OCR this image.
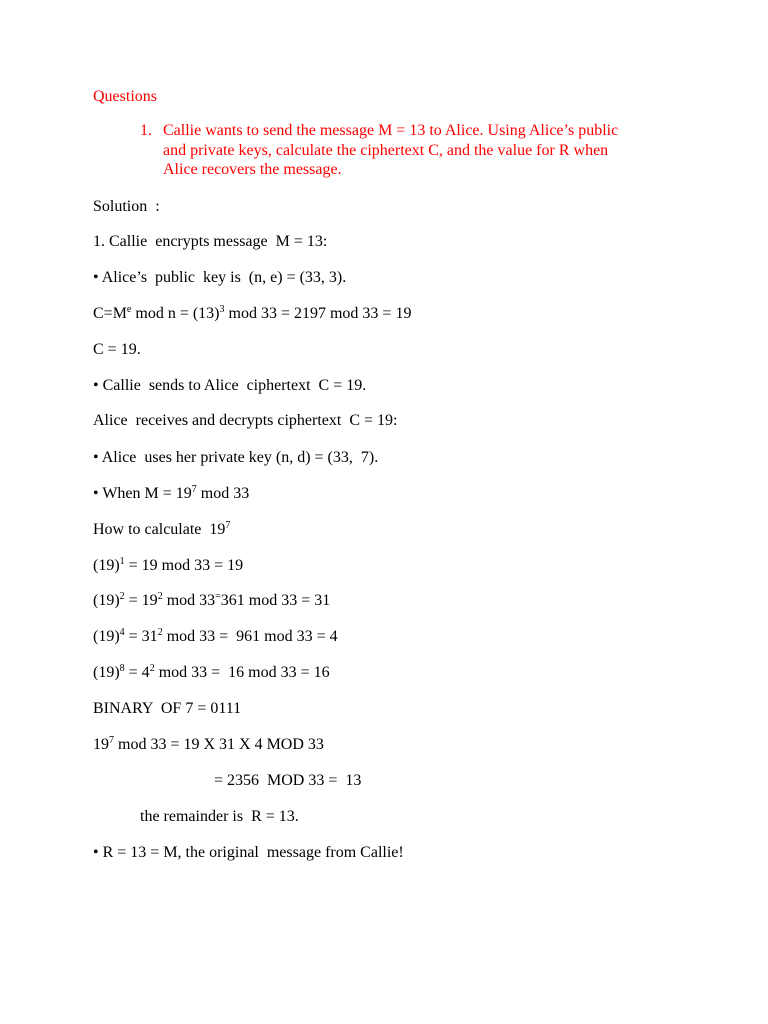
Questions
1. Callie wants to send the message M = 13 to Alice. Using Alice’s public
and private keys, calculate the ciphertext C, and the value for R when
Alice recovers the message.
Solution  :
1. Callie  encrypts message  M = 13:
• Alice’s  public  key is  (n, e) = (33, 3).
$C=M^e$ mod $n = (13)^3$ mod 33 = 2197 mod 33 = 19
C = 19.
• Callie  sends to Alice  ciphertext  C = 19.
Alice  receives and decrypts ciphertext  C = 19:
• Alice  uses her private key (n, d) = (33,  7).
• When $M = 19^7$ mod 33
How to calculate  $19^7$
$(19)^1 = 19$ mod 33 = 19
$(19)^2 = 19^2$ mod 33=361 mod 33 = 31
$(19)^4 = 31^2$ mod 33 =  961 mod 33 = 4
$(19)^8 = 4^2$ mod 33 =  16 mod 33 = 16
BINARY  OF 7 = 0111
$19^7$ mod 33 = 19 X 31 X 4 MOD 33
= 2356  MOD 33 =  13
the remainder is  R = 13.
• R = 13 = M, the original  message from Callie!
